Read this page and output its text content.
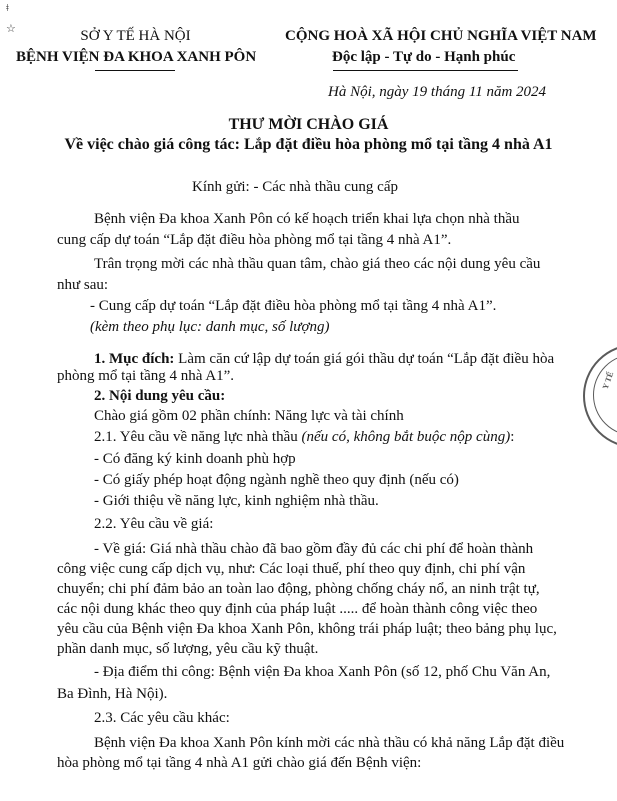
ǂ
☆	SỞ Y TẾ HÀ NỘI
BỆNH VIỆN ĐA KHOA XANH PÔN
CỘNG HOÀ XÃ HỘI CHỦ NGHĨA VIỆT NAM
Độc lập - Tự do - Hạnh phúc
Hà Nội, ngày 19 tháng 11 năm 2024
THƯ MỜI CHÀO GIÁ
Về việc chào giá công tác: Lắp đặt điều hòa phòng mổ tại tầng 4 nhà A1
Kính gửi: - Các nhà thầu cung cấp
Bệnh viện Đa khoa Xanh Pôn có kế hoạch triển khai lựa chọn nhà thầu
cung cấp dự toán “Lắp đặt điều hòa phòng mổ tại tầng 4 nhà A1”.
Trân trọng mời các nhà thầu quan tâm, chào giá theo các nội dung yêu cầu
như sau:
- Cung cấp dự toán “Lắp đặt điều hòa phòng mổ tại tầng 4 nhà A1”.
(kèm theo phụ lục: danh mục, số lượng)
1. Mục đích: Làm căn cứ lập dự toán giá gói thầu dự toán “Lắp đặt điều hòa
phòng mổ tại tầng 4 nhà A1”.
2. Nội dung yêu cầu:
Chào giá gồm 02 phần chính: Năng lực và tài chính
2.1. Yêu cầu về năng lực nhà thầu (nếu có, không bắt buộc nộp cùng):
- Có đăng ký kinh doanh phù hợp
- Có giấy phép hoạt động ngành nghề theo quy định (nếu có)
- Giới thiệu về năng lực, kinh nghiệm nhà thầu.
2.2. Yêu cầu về giá:
- Về giá: Giá nhà thầu chào đã bao gồm đầy đủ các chi phí để hoàn thành
công việc cung cấp dịch vụ, như: Các loại thuế, phí theo quy định, chi phí vận
chuyển; chi phí đảm bảo an toàn lao động, phòng chống cháy nổ, an ninh trật tự,
các nội dung khác theo quy định của pháp luật ..... để hoàn thành công việc theo
yêu cầu của Bệnh viện Đa khoa Xanh Pôn, không trái pháp luật; theo bảng phụ lục,
phần danh mục, số lượng, yêu cầu kỹ thuật.
- Địa điểm thi công: Bệnh viện Đa khoa Xanh Pôn (số 12, phố Chu Văn An,
Ba Đình, Hà Nội).
2.3. Các yêu cầu khác:
Bệnh viện Đa khoa Xanh Pôn kính mời các nhà thầu có khả năng Lắp đặt điều
hòa phòng mổ tại tầng 4 nhà A1 gửi chào giá đến Bệnh viện:
Y TẾ
